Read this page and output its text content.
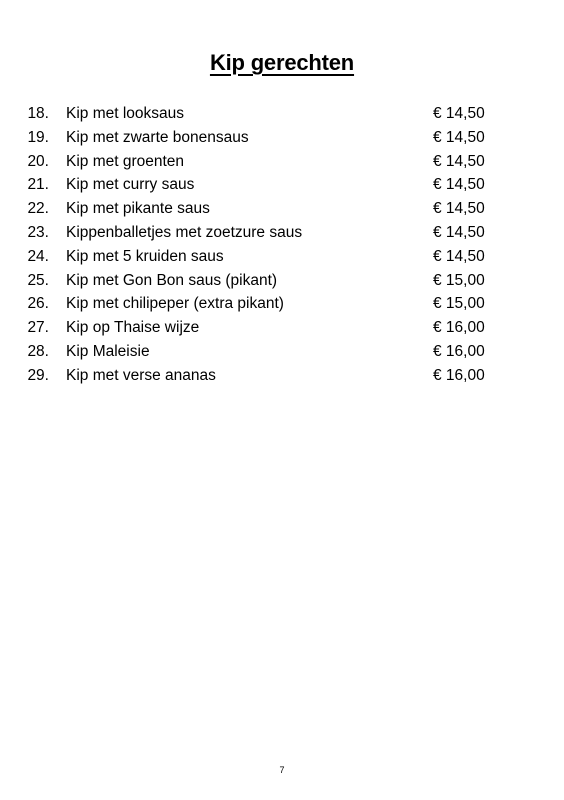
Kip gerechten
18. Kip met looksaus	€ 14,50
19. Kip met zwarte bonensaus	€ 14,50
20. Kip met groenten	€ 14,50
21. Kip met curry saus	€ 14,50
22. Kip met pikante saus	€ 14,50
23. Kippenballetjes met zoetzure saus	€ 14,50
24. Kip met 5 kruiden saus	€ 14,50
25. Kip met Gon Bon saus (pikant)	€ 15,00
26. Kip met chilipeper (extra pikant)	€ 15,00
27. Kip op Thaise wijze	€ 16,00
28. Kip Maleisie	€ 16,00
29. Kip met verse ananas	€ 16,00
7
